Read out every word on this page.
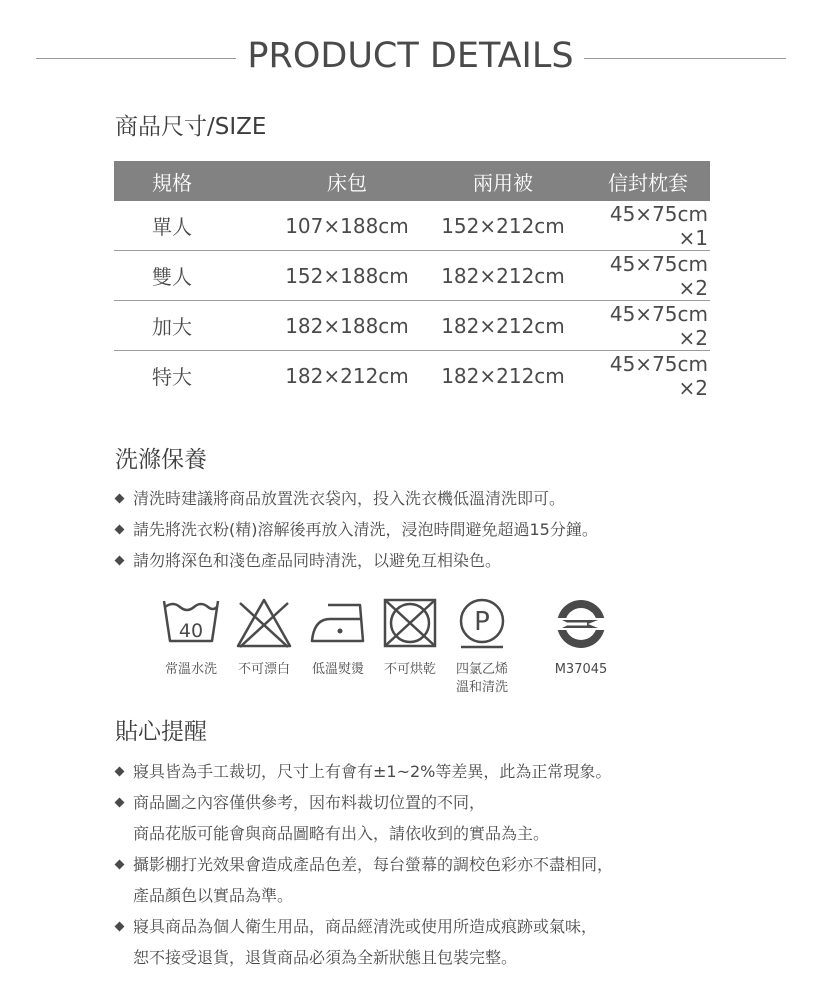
PRODUCT DETAILS
商品尺寸/SIZE
規格	床包	兩用被	信封枕套
單人	107×188cm	152×212cm	45×75cm ×1
雙人	152×188cm	182×212cm	45×75cm ×2
加大	182×188cm	182×212cm	45×75cm ×2
特大	182×212cm	182×212cm	45×75cm ×2
洗滌保養
清洗時建議將商品放置洗衣袋內，投入洗衣機低溫清洗即可。
請先將洗衣粉(精)溶解後再放入清洗，浸泡時間避免超過15分鐘。
請勿將深色和淺色產品同時清洗，以避免互相染色。
40
常溫水洗	不可漂白	低溫熨燙	不可烘乾
P
四氯乙烯
溫和清洗
M37045
貼心提醒
寢具皆為手工裁切，尺寸上有會有±1~2%等差異，此為正常現象。
商品圖之內容僅供參考，因布料裁切位置的不同，
商品花版可能會與商品圖略有出入，請依收到的實品為主。
攝影棚打光效果會造成產品色差，每台螢幕的調校色彩亦不盡相同，
產品顏色以實品為準。
寢具商品為個人衛生用品，商品經清洗或使用所造成痕跡或氣味，
恕不接受退貨，退貨商品必須為全新狀態且包裝完整。
